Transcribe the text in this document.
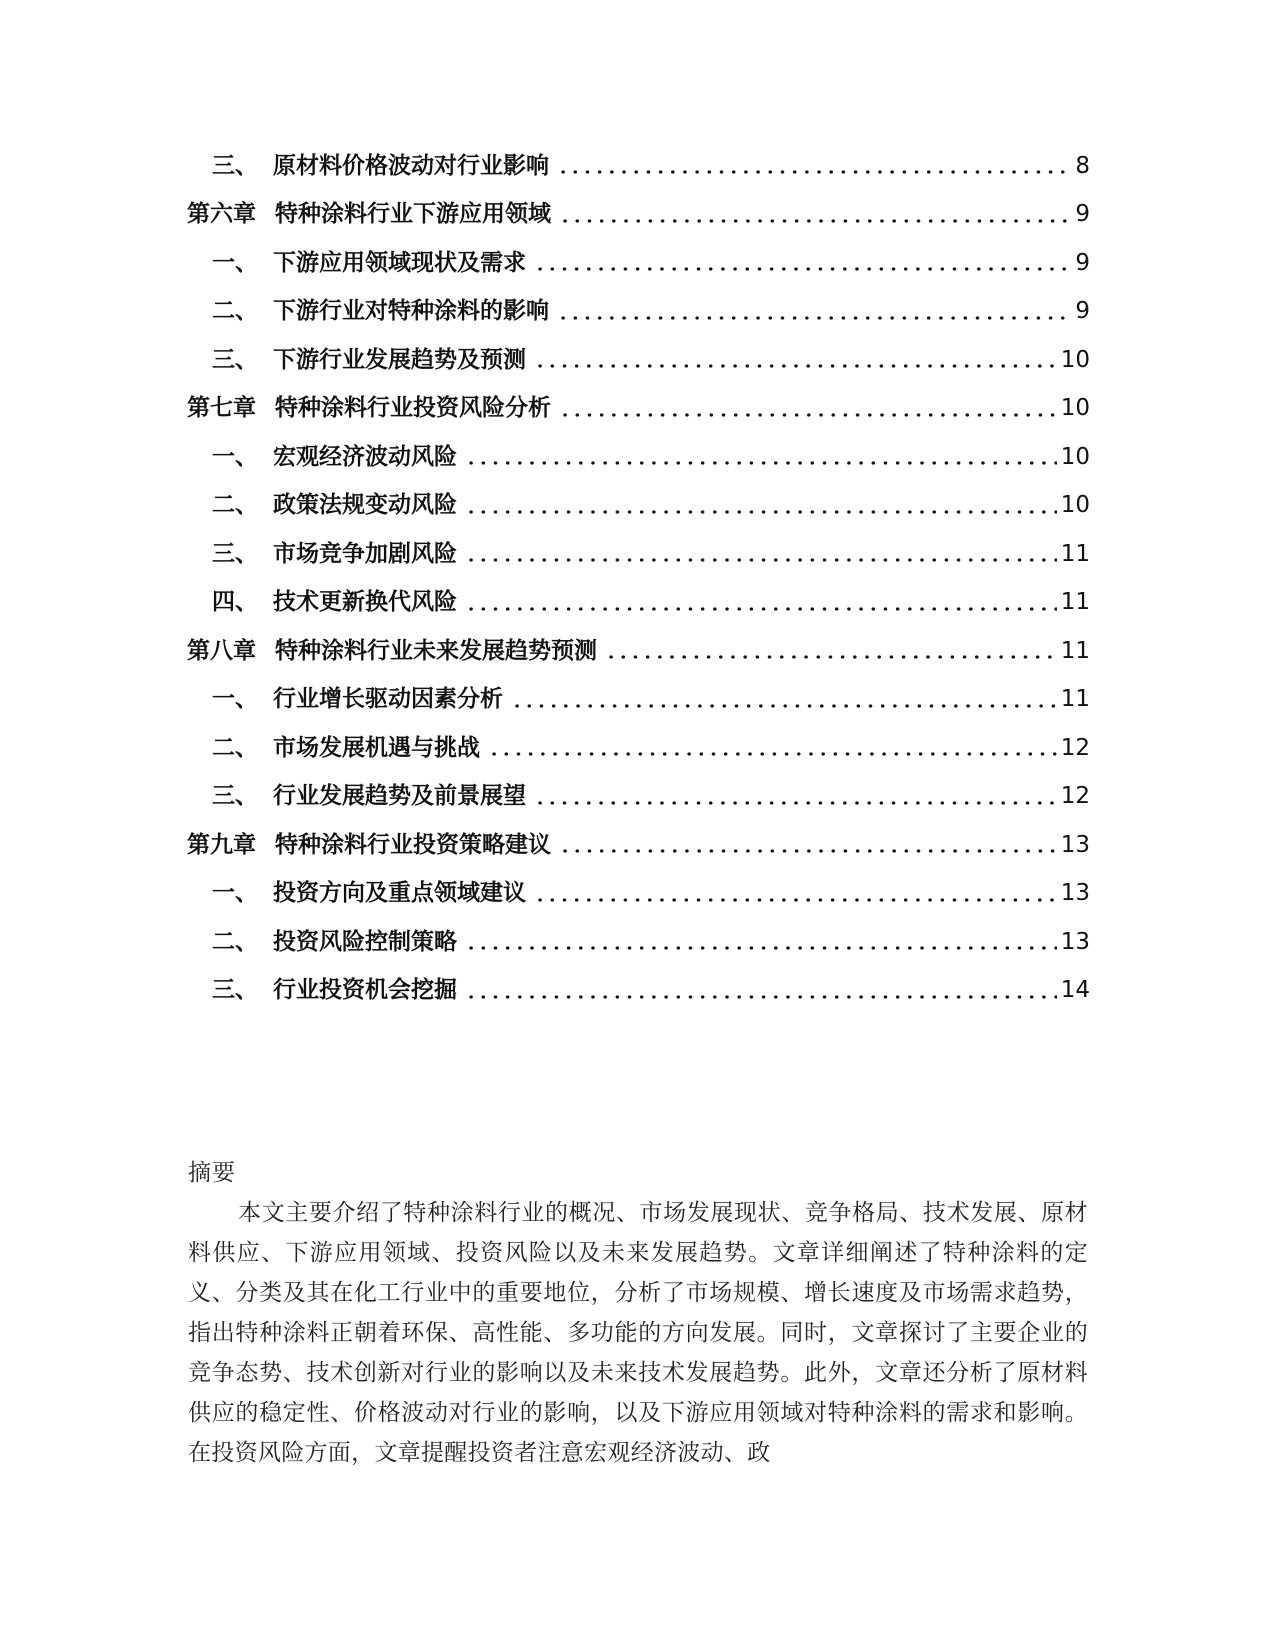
三、 原材料价格波动对行业影响	8
第六章 特种涂料行业下游应用领域	9
一、 下游应用领域现状及需求	9
二、 下游行业对特种涂料的影响	9
三、 下游行业发展趋势及预测	10
第七章 特种涂料行业投资风险分析	10
一、 宏观经济波动风险	10
二、 政策法规变动风险	10
三、 市场竞争加剧风险	11
四、 技术更新换代风险	11
第八章 特种涂料行业未来发展趋势预测	11
一、 行业增长驱动因素分析	11
二、 市场发展机遇与挑战	12
三、 行业发展趋势及前景展望	12
第九章 特种涂料行业投资策略建议	13
一、 投资方向及重点领域建议	13
二、 投资风险控制策略	13
三、 行业投资机会挖掘	14
摘要

本文主要介绍了特种涂料行业的概况、市场发展现状、竞争格局、技术发展、原材料供应、下游应用领域、投资风险以及未来发展趋势。文章详细阐述了特种涂料的定义、分类及其在化工行业中的重要地位，分析了市场规模、增长速度及市场需求趋势，指出特种涂料正朝着环保、高性能、多功能的方向发展。同时，文章探讨了主要企业的竞争态势、技术创新对行业的影响以及未来技术发展趋势。此外，文章还分析了原材料供应的稳定性、价格波动对行业的影响，以及下游应用领域对特种涂料的需求和影响。在投资风险方面，文章提醒投资者注意宏观经济波动、政
